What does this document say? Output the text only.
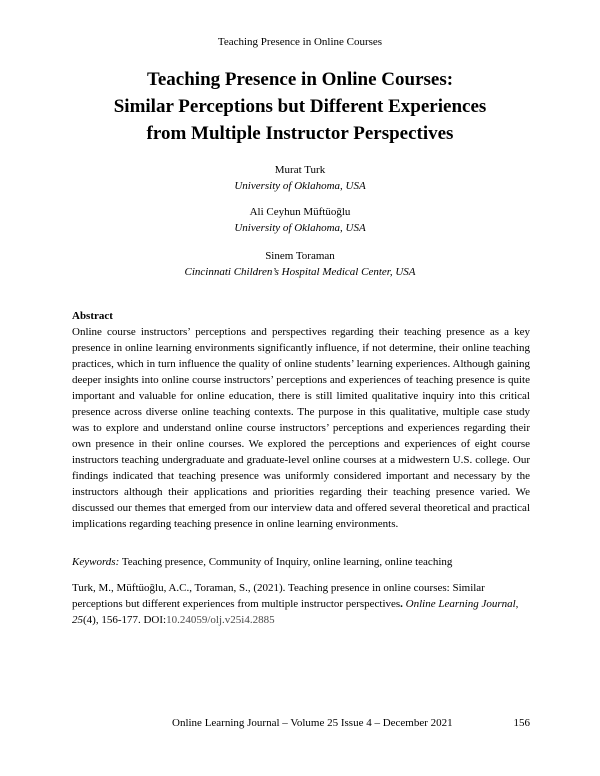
Teaching Presence in Online Courses
Teaching Presence in Online Courses:
Similar Perceptions but Different Experiences
from Multiple Instructor Perspectives
Murat Turk
University of Oklahoma, USA
Ali Ceyhun Müftüoğlu
University of Oklahoma, USA
Sinem Toraman
Cincinnati Children’s Hospital Medical Center, USA
Abstract

Online course instructors’ perceptions and perspectives regarding their teaching presence as a key presence in online learning environments significantly influence, if not determine, their online teaching practices, which in turn influence the quality of online students’ learning experiences. Although gaining deeper insights into online course instructors’ perceptions and experiences of teaching presence is quite important and valuable for online education, there is still limited qualitative inquiry into this critical presence across diverse online teaching contexts. The purpose in this qualitative, multiple case study was to explore and understand online course instructors’ perceptions and experiences regarding their own presence in their online courses. We explored the perceptions and experiences of eight course instructors teaching undergraduate and graduate-level online courses at a midwestern U.S. college. Our findings indicated that teaching presence was uniformly considered important and necessary by the instructors although their applications and priorities regarding their teaching presence varied. We discussed our themes that emerged from our interview data and offered several theoretical and practical implications regarding teaching presence in online learning environments.

Keywords: Teaching presence, Community of Inquiry, online learning, online teaching
Turk, M., Müftüoğlu, A.C., Toraman, S., (2021). Teaching presence in online courses: Similar perceptions but different experiences from multiple instructor perspectives. Online Learning Journal, 25(4), 156-177. DOI:10.24059/olj.v25i4.2885
Online Learning Journal – Volume 25 Issue 4 – December 2021	156
